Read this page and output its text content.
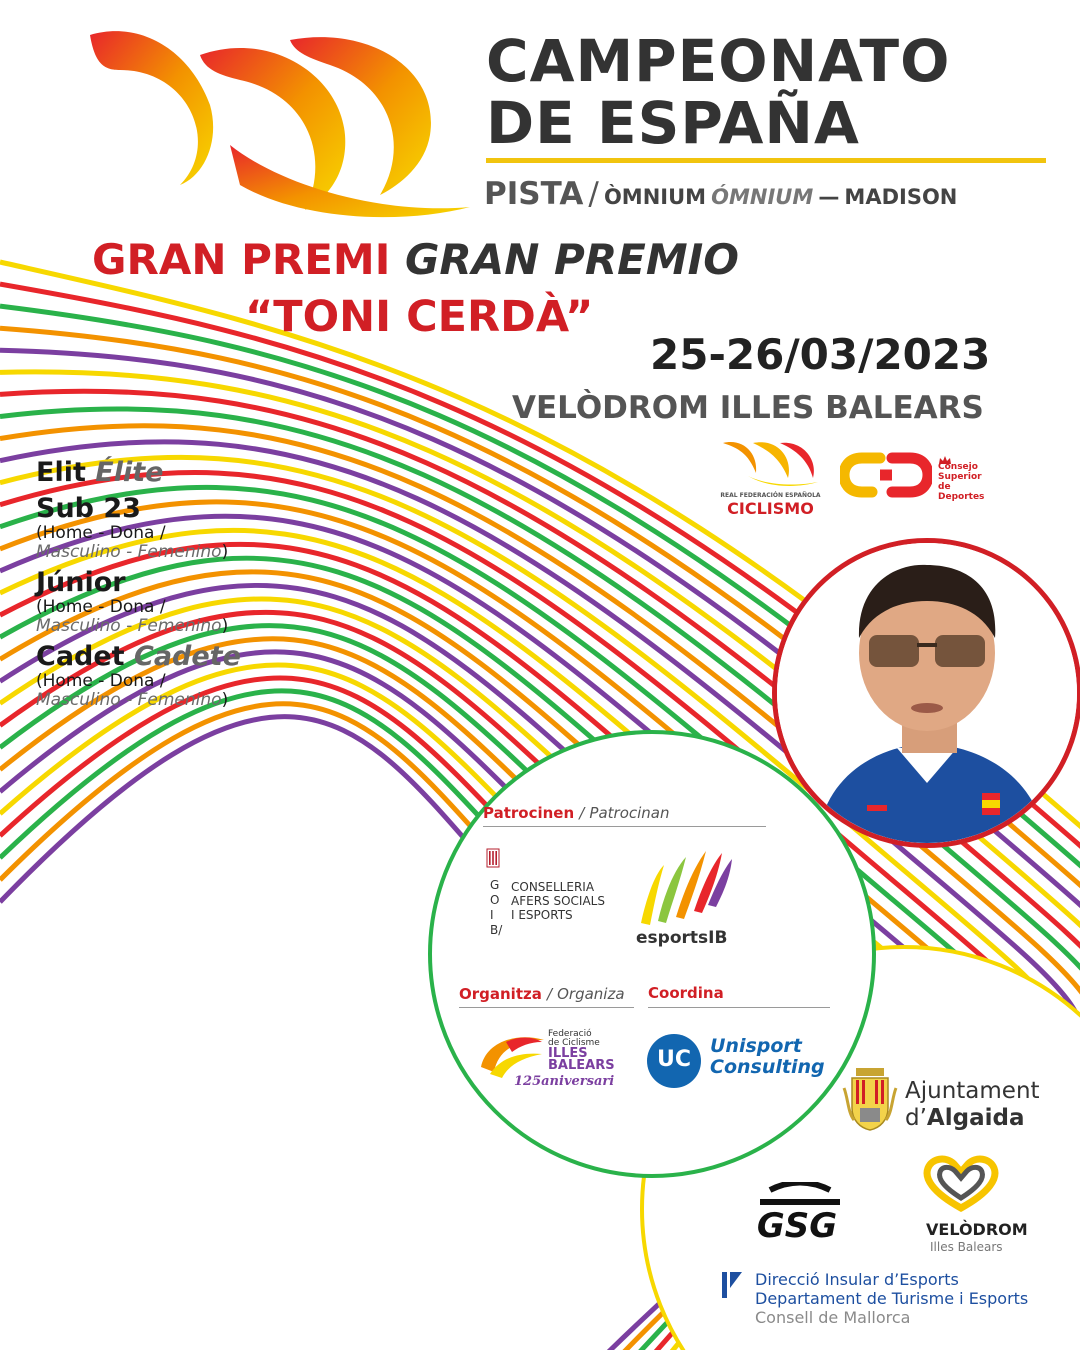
CAMPEONATO
DE ESPAÑA
PISTA / ÒMNIUM ÓMNIUM — MADISON
GRAN PREMI GRAN PREMIO
“TONI CERDÀ”
25-26/03/2023
VELÒDROM ILLES BALEARS
REAL FEDERACIÓN ESPAÑOLA
CICLISMO
Consejo
Superior
de Deportes
Elit Élite
Sub 23
(Home - Dona /
Masculino - Femenino)
Júnior
(Home - Dona /
Masculino - Femenino)
Cadet Cadete
(Home - Dona /
Masculino - Femenino)
Patrocinen / Patrocinan
GOIB/
CONSELLERIA
AFERS SOCIALS
I ESPORTS
esportsIB
Organitza / Organiza Coordina
Federació
de Ciclisme
ILLES
BALEARS
125aniversari
UC
Unisport
Consulting
Ajuntament
d’Algaida
GSG	VELÒDROM
Illes Balears
Direcció Insular d’Esports
Departament de Turisme i Esports
Consell de Mallorca
